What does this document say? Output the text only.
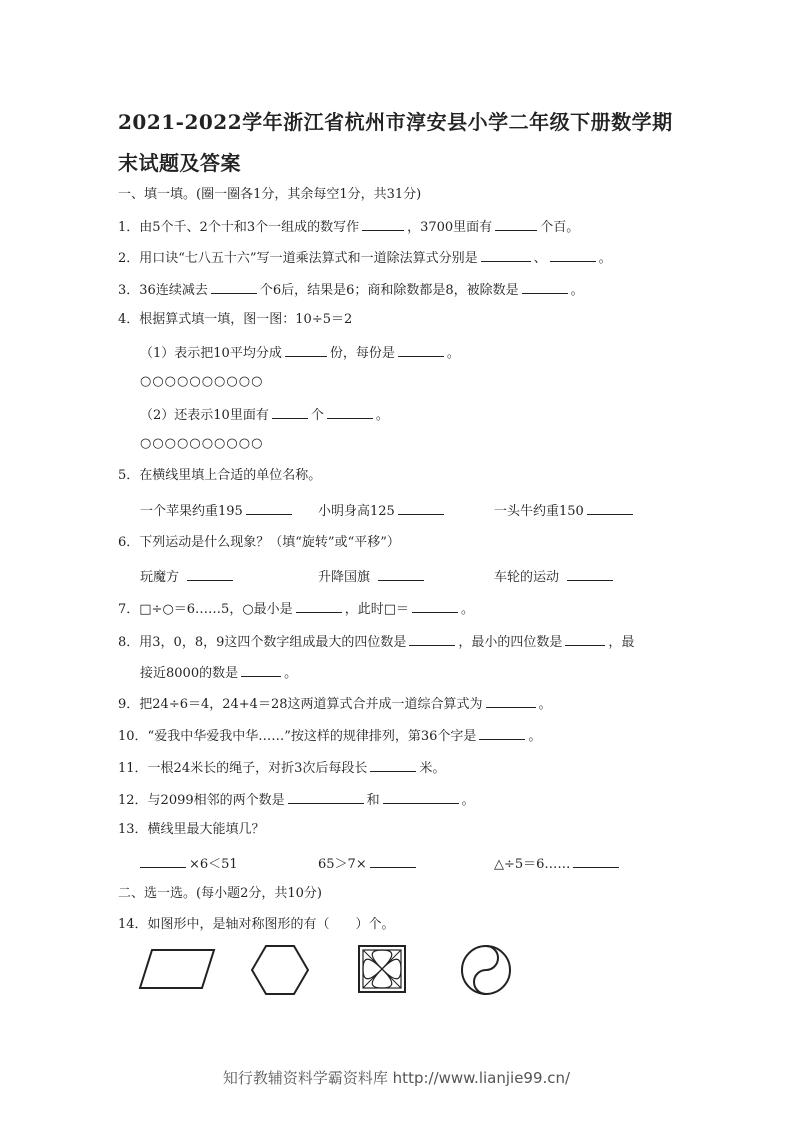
2021-2022学年浙江省杭州市淳安县小学二年级下册数学期
末试题及答案
一、填一填。(圈一圈各1分，其余每空1分，共31分)
1．由5个千、2个十和3个一组成的数写作	，3700里面有	个百。
2．用口诀“七八五十六”写一道乘法算式和一道除法算式分别是	、	。
3．36连续减去	个6后，结果是6；商和除数都是8，被除数是	。
4．根据算式填一填，图一图：10÷5＝2
（1）表示把10平均分成	份，每份是	。
○○○○○○○○○○
（2）还表示10里面有	个	。
○○○○○○○○○○
5．在横线里填上合适的单位名称。
一个苹果约重195	小明身高125	一头牛约重150
6．下列运动是什么现象？（填“旋转”或“平移”）
玩魔方	升降国旗	车轮的运动
7．□÷○＝6……5，○最小是	，此时□＝	。
8．用3，0，8，9这四个数字组成最大的四位数是	，最小的四位数是	，最
接近8000的数是	。
9．把24÷6＝4，24+4＝28这两道算式合并成一道综合算式为	。
10．“爱我中华爱我中华……”按这样的规律排列，第36个字是	。
11．一根24米长的绳子，对折3次后每段长	米。
12．与2099相邻的两个数是	和	。
13．横线里最大能填几？
×6＜51	65＞7×	△÷5＝6……
二、选一选。(每小题2分，共10分)
14．如图形中，是轴对称图形的有（　　）个。
知行教辅资料学霸资料库 http://www.lianjie99.cn/
